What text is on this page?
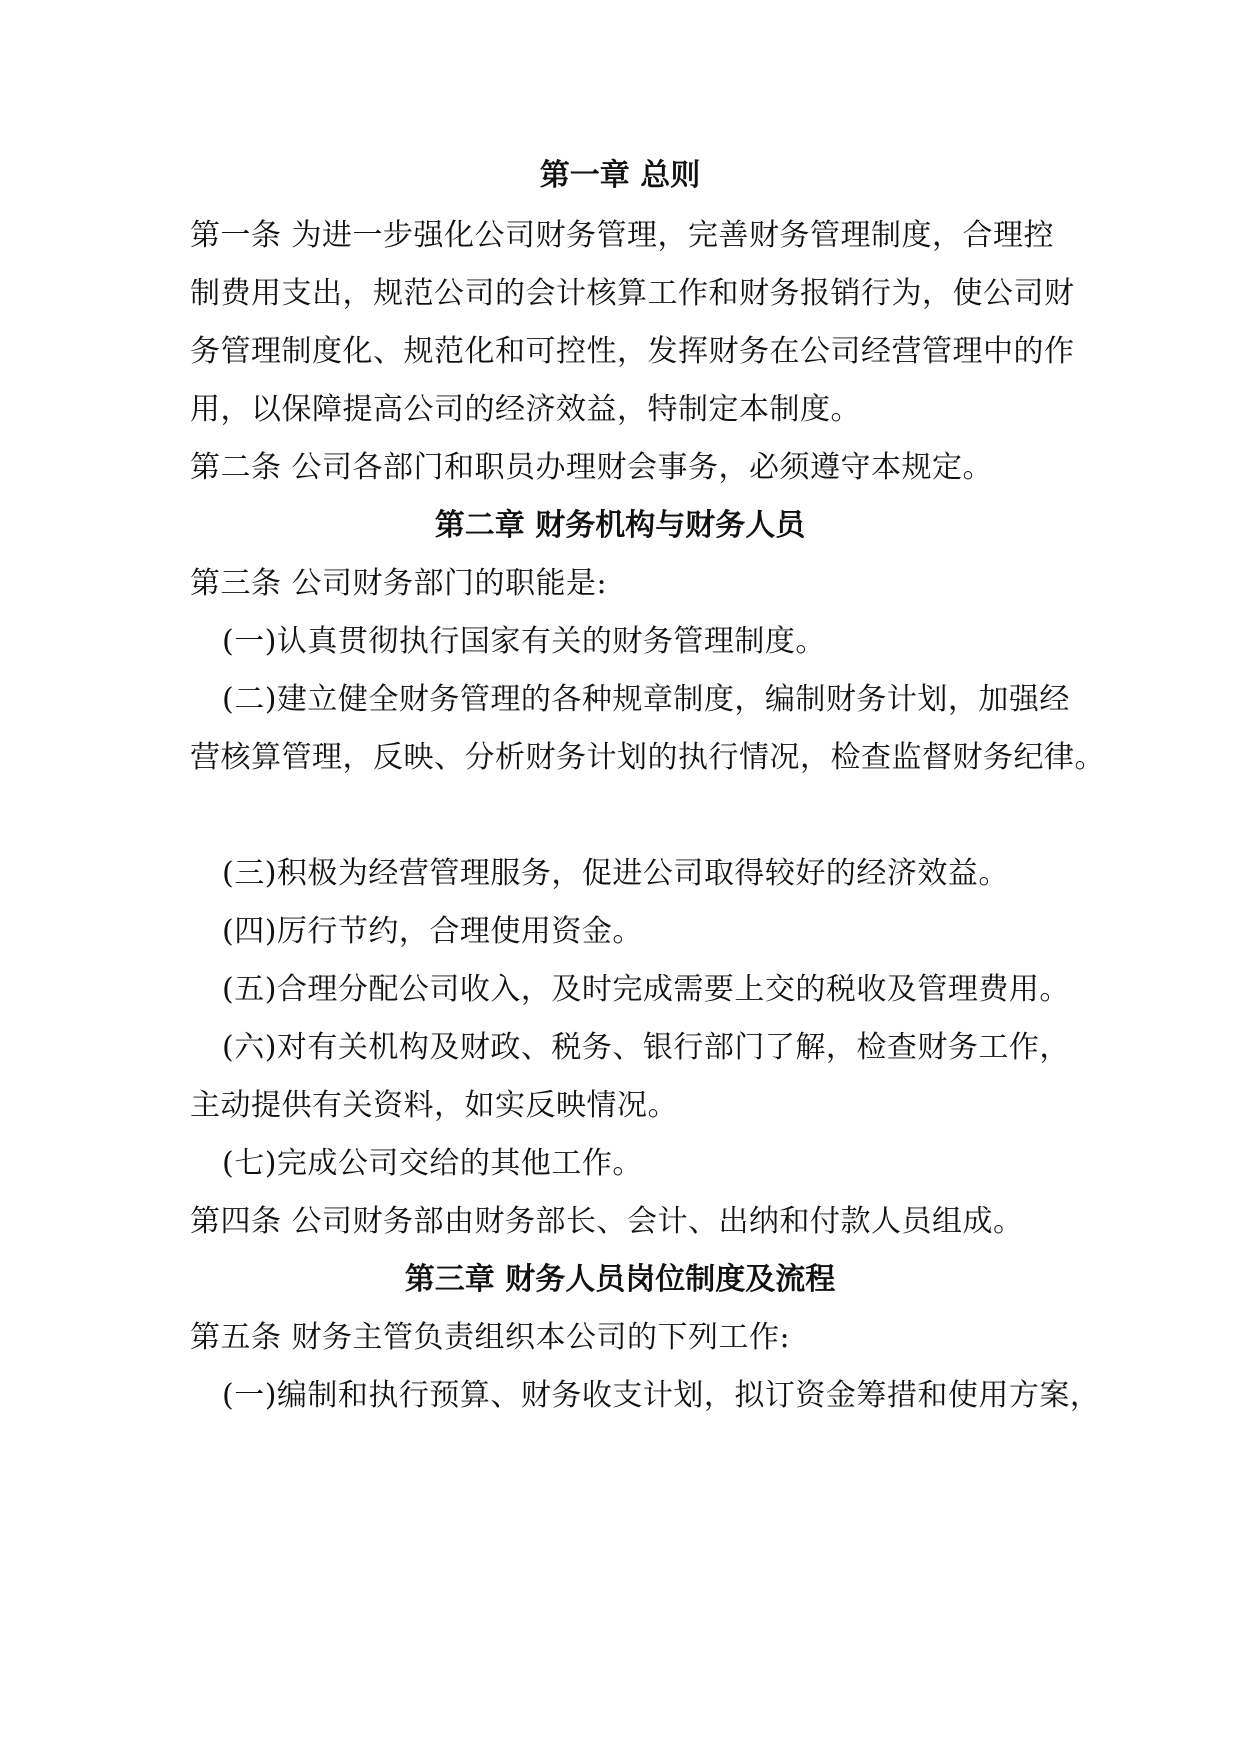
第一章 总则
第一条 为进一步强化公司财务管理，完善财务管理制度，合理控
制费用支出，规范公司的会计核算工作和财务报销行为，使公司财
务管理制度化、规范化和可控性，发挥财务在公司经营管理中的作
用，以保障提高公司的经济效益，特制定本制度。
第二条 公司各部门和职员办理财会事务，必须遵守本规定。
第二章 财务机构与财务人员
第三条 公司财务部门的职能是:
(一)认真贯彻执行国家有关的财务管理制度。
(二)建立健全财务管理的各种规章制度，编制财务计划，加强经
营核算管理，反映、分析财务计划的执行情况，检查监督财务纪律。
(三)积极为经营管理服务，促进公司取得较好的经济效益。
(四)厉行节约，合理使用资金。
(五)合理分配公司收入，及时完成需要上交的税收及管理费用。
(六)对有关机构及财政、税务、银行部门了解，检查财务工作，
主动提供有关资料，如实反映情况。
(七)完成公司交给的其他工作。
第四条 公司财务部由财务部长、会计、出纳和付款人员组成。
第三章 财务人员岗位制度及流程
第五条 财务主管负责组织本公司的下列工作:
(一)编制和执行预算、财务收支计划，拟订资金筹措和使用方案，
